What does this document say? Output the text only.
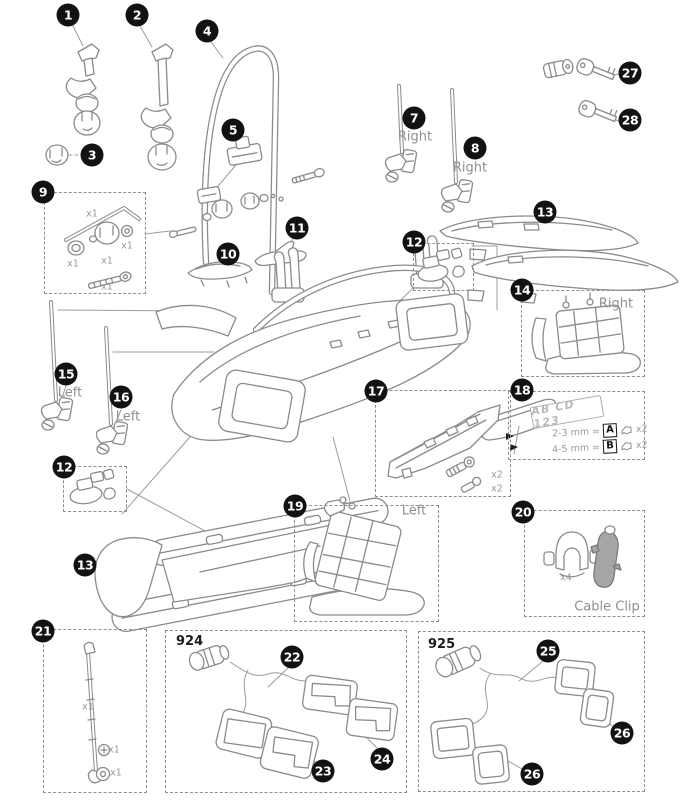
Right
Right
Right
Left
Left
Left
Cable Clip
924	925
AB CD 123
2-3 mm = A	x2
4-5 mm = B	x2
x1
x1
x1 x1
x1
x1
x1
x1
x2
x2
x4
1	2
3
4
5
7
8
9
10
11
12
13
14
15
16
12
17	18
13
19	20
21
22
23
24
25
26
26
27
28
